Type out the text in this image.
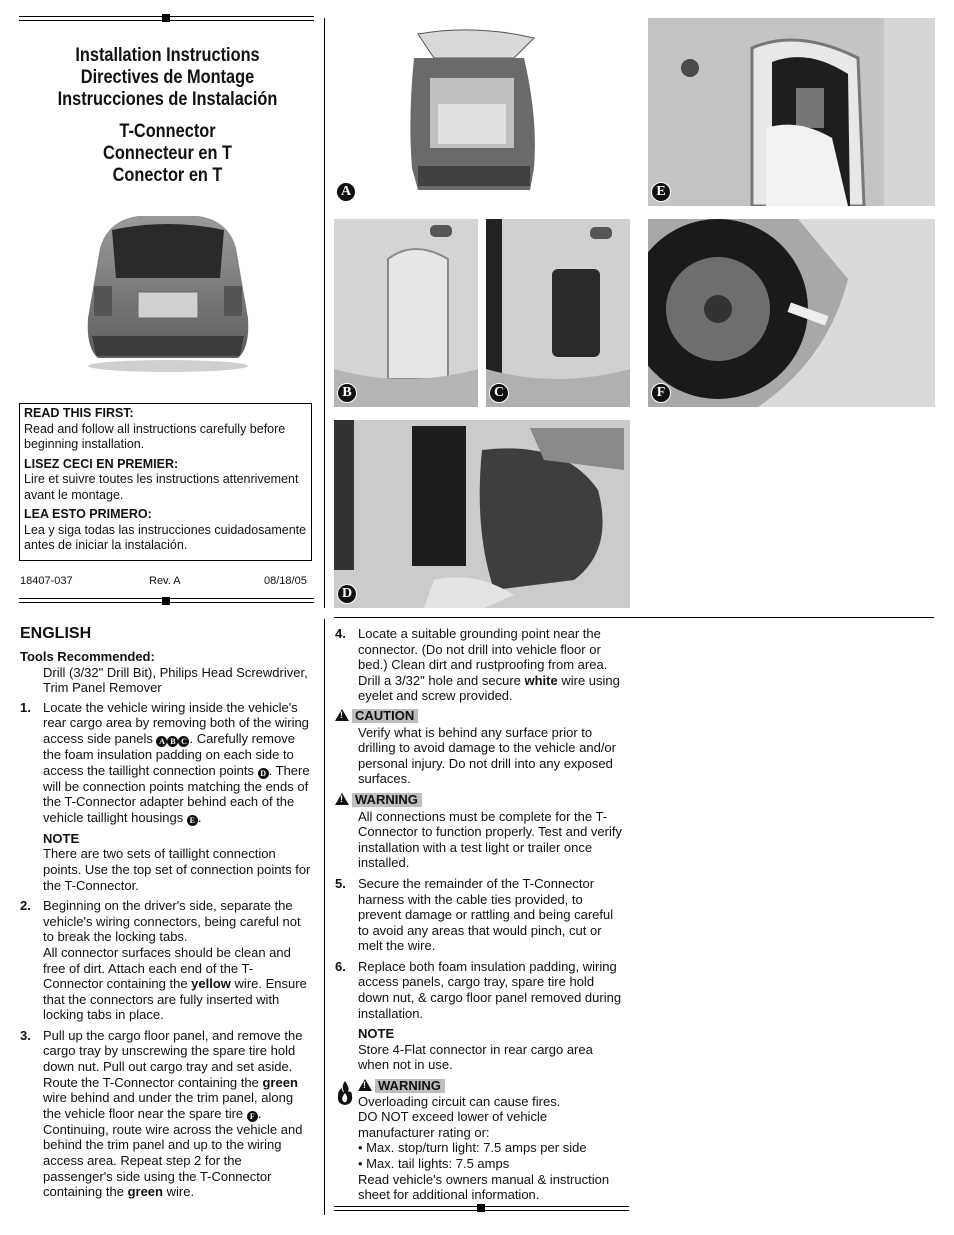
Installation Instructions
Directives de Montage
Instrucciones de Instalación
T-Connector
Connecteur en T
Conector en T
READ THIS FIRST:
Read and follow all instructions carefully before beginning installation.
LISEZ CECI EN PREMIER:
Lire et suivre toutes les instructions attenrivement avant le montage.
LEA ESTO PRIMERO:
Lea y siga todas las instrucciones cuidadosamente antes de iniciar la instalación.
18407-037	Rev. A	08/18/05
A	E
B	C	F
D
ENGLISH
Tools Recommended:
Drill (3/32" Drill Bit), Philips Head Screwdriver, Trim Panel Remover
1. Locate the vehicle wiring inside the vehicle's rear cargo area by removing both of the wiring access side panels A B C . Carefully remove the foam insulation padding on each side to access the taillight connection points D . There will be connection points matching the ends of the T-Connector adapter behind each of the vehicle taillight housings E .
NOTE
There are two sets of taillight connection points. Use the top set of connection points for the T-Connector.
2. Beginning on the driver's side, separate the vehicle's wiring connectors, being careful not to break the locking tabs.
All connector surfaces should be clean and free of dirt. Attach each end of the T-Connector containing the yellow wire. Ensure that the connectors are fully inserted with locking tabs in place.
3. Pull up the cargo floor panel, and remove the cargo tray by unscrewing the spare tire hold down nut. Pull out cargo tray and set aside. Route the T-Connector containing the green wire behind and under the trim panel, along the vehicle floor near the spare tire F . Continuing, route wire across the vehicle and behind the trim panel and up to the wiring access area. Repeat step 2 for the passenger's side using the T-Connector containing the green wire.
4. Locate a suitable grounding point near the connector. (Do not drill into vehicle floor or bed.) Clean dirt and rustproofing from area. Drill a 3/32" hole and secure white wire using eyelet and screw provided.
!CAUTION
Verify what is behind any surface prior to drilling to avoid damage to the vehicle and/or personal injury. Do not drill into any exposed surfaces.
!WARNING
All connections must be complete for the T-Connector to function properly. Test and verify installation with a test light or trailer once installed.
5. Secure the remainder of the T-Connector harness with the cable ties provided, to prevent damage or rattling and being careful to avoid any areas that would pinch, cut or melt the wire.
6. Replace both foam insulation padding, wiring access panels, cargo tray, spare tire hold down nut, & cargo floor panel removed during installation.
NOTE
Store 4-Flat connector in rear cargo area when not in use.
!WARNING
Overloading circuit can cause fires.
DO NOT exceed lower of vehicle manufacturer rating or:
• Max. stop/turn light: 7.5 amps per side
• Max. tail lights: 7.5 amps
Read vehicle's owners manual & instruction sheet for additional information.
